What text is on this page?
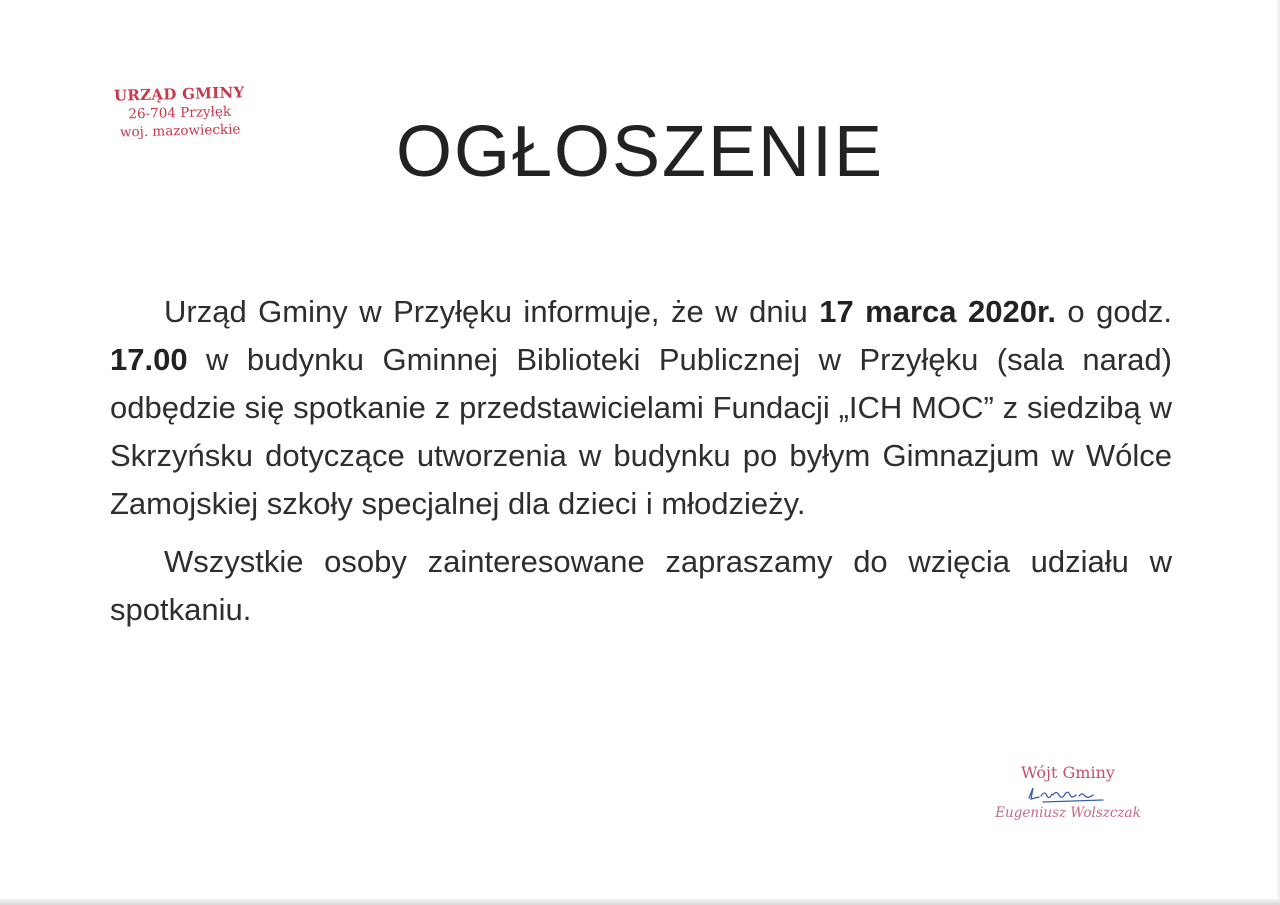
URZĄD GMINY
26-704 Przyłęk
woj. mazowieckie	OGŁOSZENIE

Urząd Gminy w Przyłęku informuje, że w dniu 17 marca 2020r. o godz. 17.00 w budynku Gminnej Biblioteki Publicznej w Przyłęku (sala narad) odbędzie się spotkanie z przedstawicielami Fundacji „ICH MOC” z siedzibą w Skrzyńsku dotyczące utworzenia w budynku po byłym Gimnazjum w Wólce Zamojskiej szkoły specjalnej dla dzieci i młodzieży.

Wszystkie osoby zainteresowane zapraszamy do wzięcia udziału w spotkaniu.

Wójt Gminy
Eugeniusz Wolszczak
